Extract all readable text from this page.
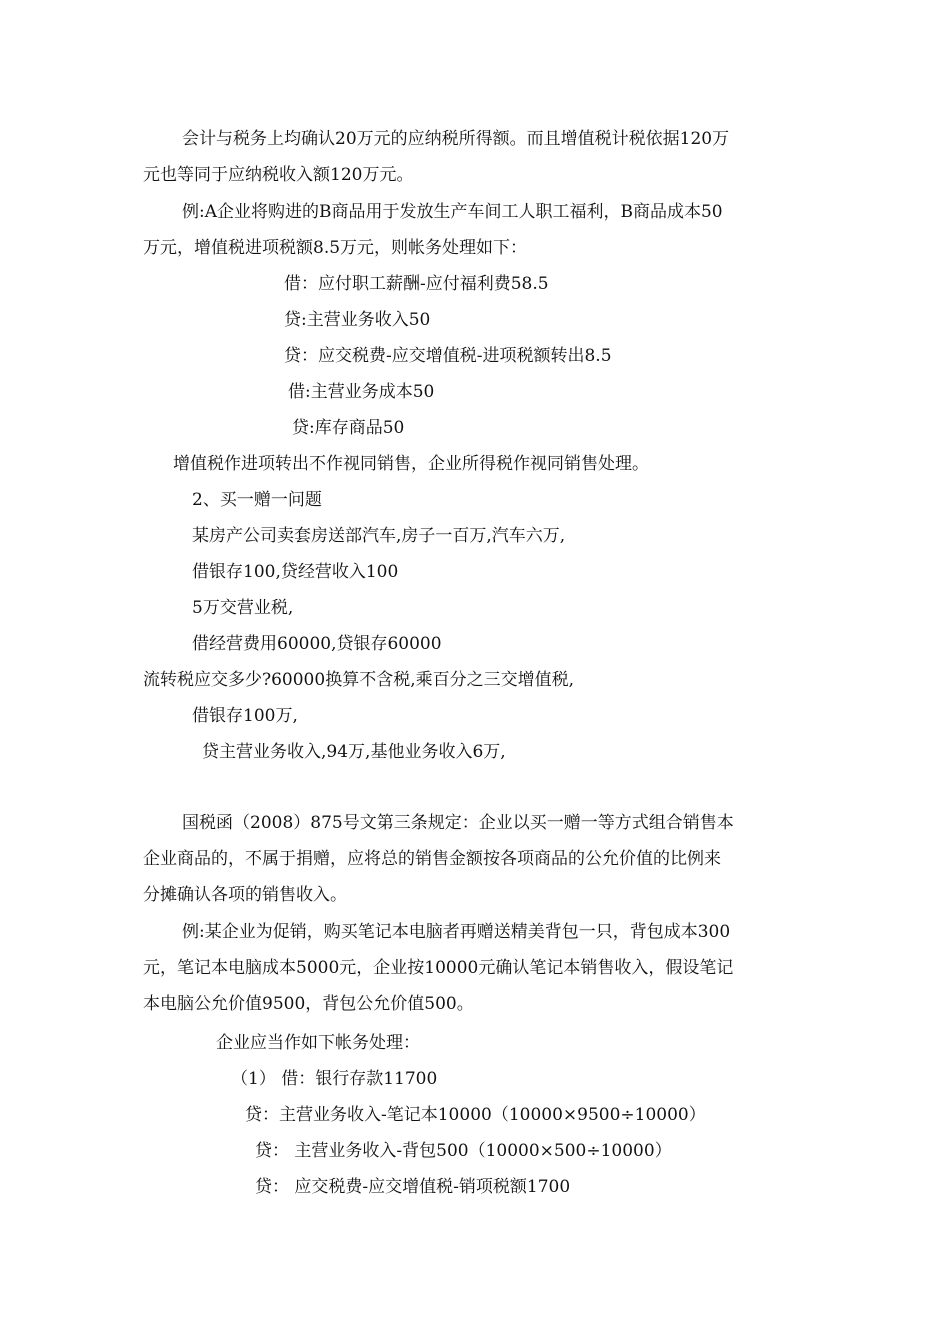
会计与税务上均确认20万元的应纳税所得额。而且增值税计税依据120万
元也等同于应纳税收入额120万元。
例:A企业将购进的B商品用于发放生产车间工人职工福利，B商品成本50
万元，增值税进项税额8.5万元，则帐务处理如下：
借：应付职工薪酬-应付福利费58.5
贷:主营业务收入50
贷：应交税费-应交增值税-进项税额转出8.5
借:主营业务成本50
贷:库存商品50
增值税作进项转出不作视同销售，企业所得税作视同销售处理。
2、买一赠一问题
某房产公司卖套房送部汽车,房子一百万,汽车六万,
借银存100,贷经营收入100
5万交营业税,
借经营费用60000,贷银存60000
流转税应交多少?60000换算不含税,乘百分之三交增值税,
借银存100万,
贷主营业务收入,94万,基他业务收入6万,
国税函（2008）875号文第三条规定：企业以买一赠一等方式组合销售本
企业商品的，不属于捐赠，应将总的销售金额按各项商品的公允价值的比例来
分摊确认各项的销售收入。
例:某企业为促销，购买笔记本电脑者再赠送精美背包一只，背包成本300
元，笔记本电脑成本5000元，企业按10000元确认笔记本销售收入，假设笔记
本电脑公允价值9500，背包公允价值500。
企业应当作如下帐务处理：
（1） 借：银行存款11700
贷：主营业务收入-笔记本10000（10000×9500÷10000）
贷： 主营业务收入-背包500（10000×500÷10000）
贷： 应交税费-应交增值税-销项税额1700
